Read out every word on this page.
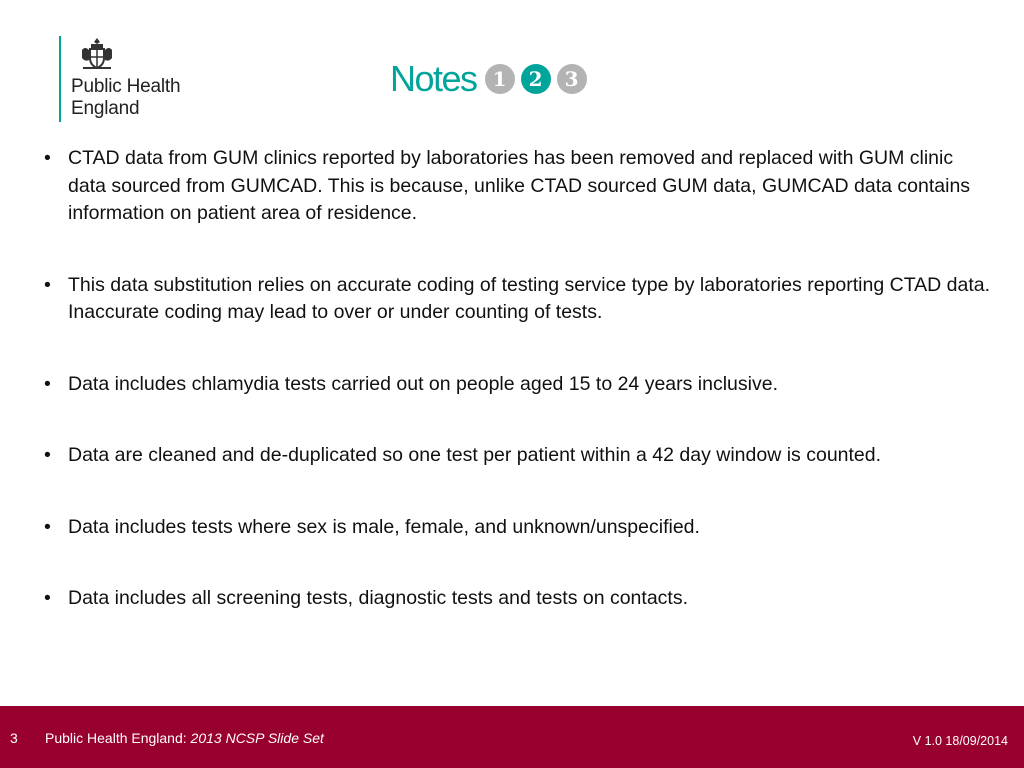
Public Health
England
Notes 1	2	3
• CTAD data from GUM clinics reported by laboratories has been removed and replaced with GUM clinic data sourced from GUMCAD. This is because, unlike CTAD sourced GUM data, GUMCAD data contains information on patient area of residence.
• This data substitution relies on accurate coding of testing service type by laboratories reporting CTAD data. Inaccurate coding may lead to over or under counting of tests.
• Data includes chlamydia tests carried out on people aged 15 to 24 years inclusive.
• Data are cleaned and de-duplicated so one test per patient within a 42 day window is counted.
• Data includes tests where sex is male, female, and unknown/unspecified.
• Data includes all screening tests, diagnostic tests and tests on contacts.
3 Public Health England: 2013 NCSP Slide Set	V 1.0 18/09/2014
